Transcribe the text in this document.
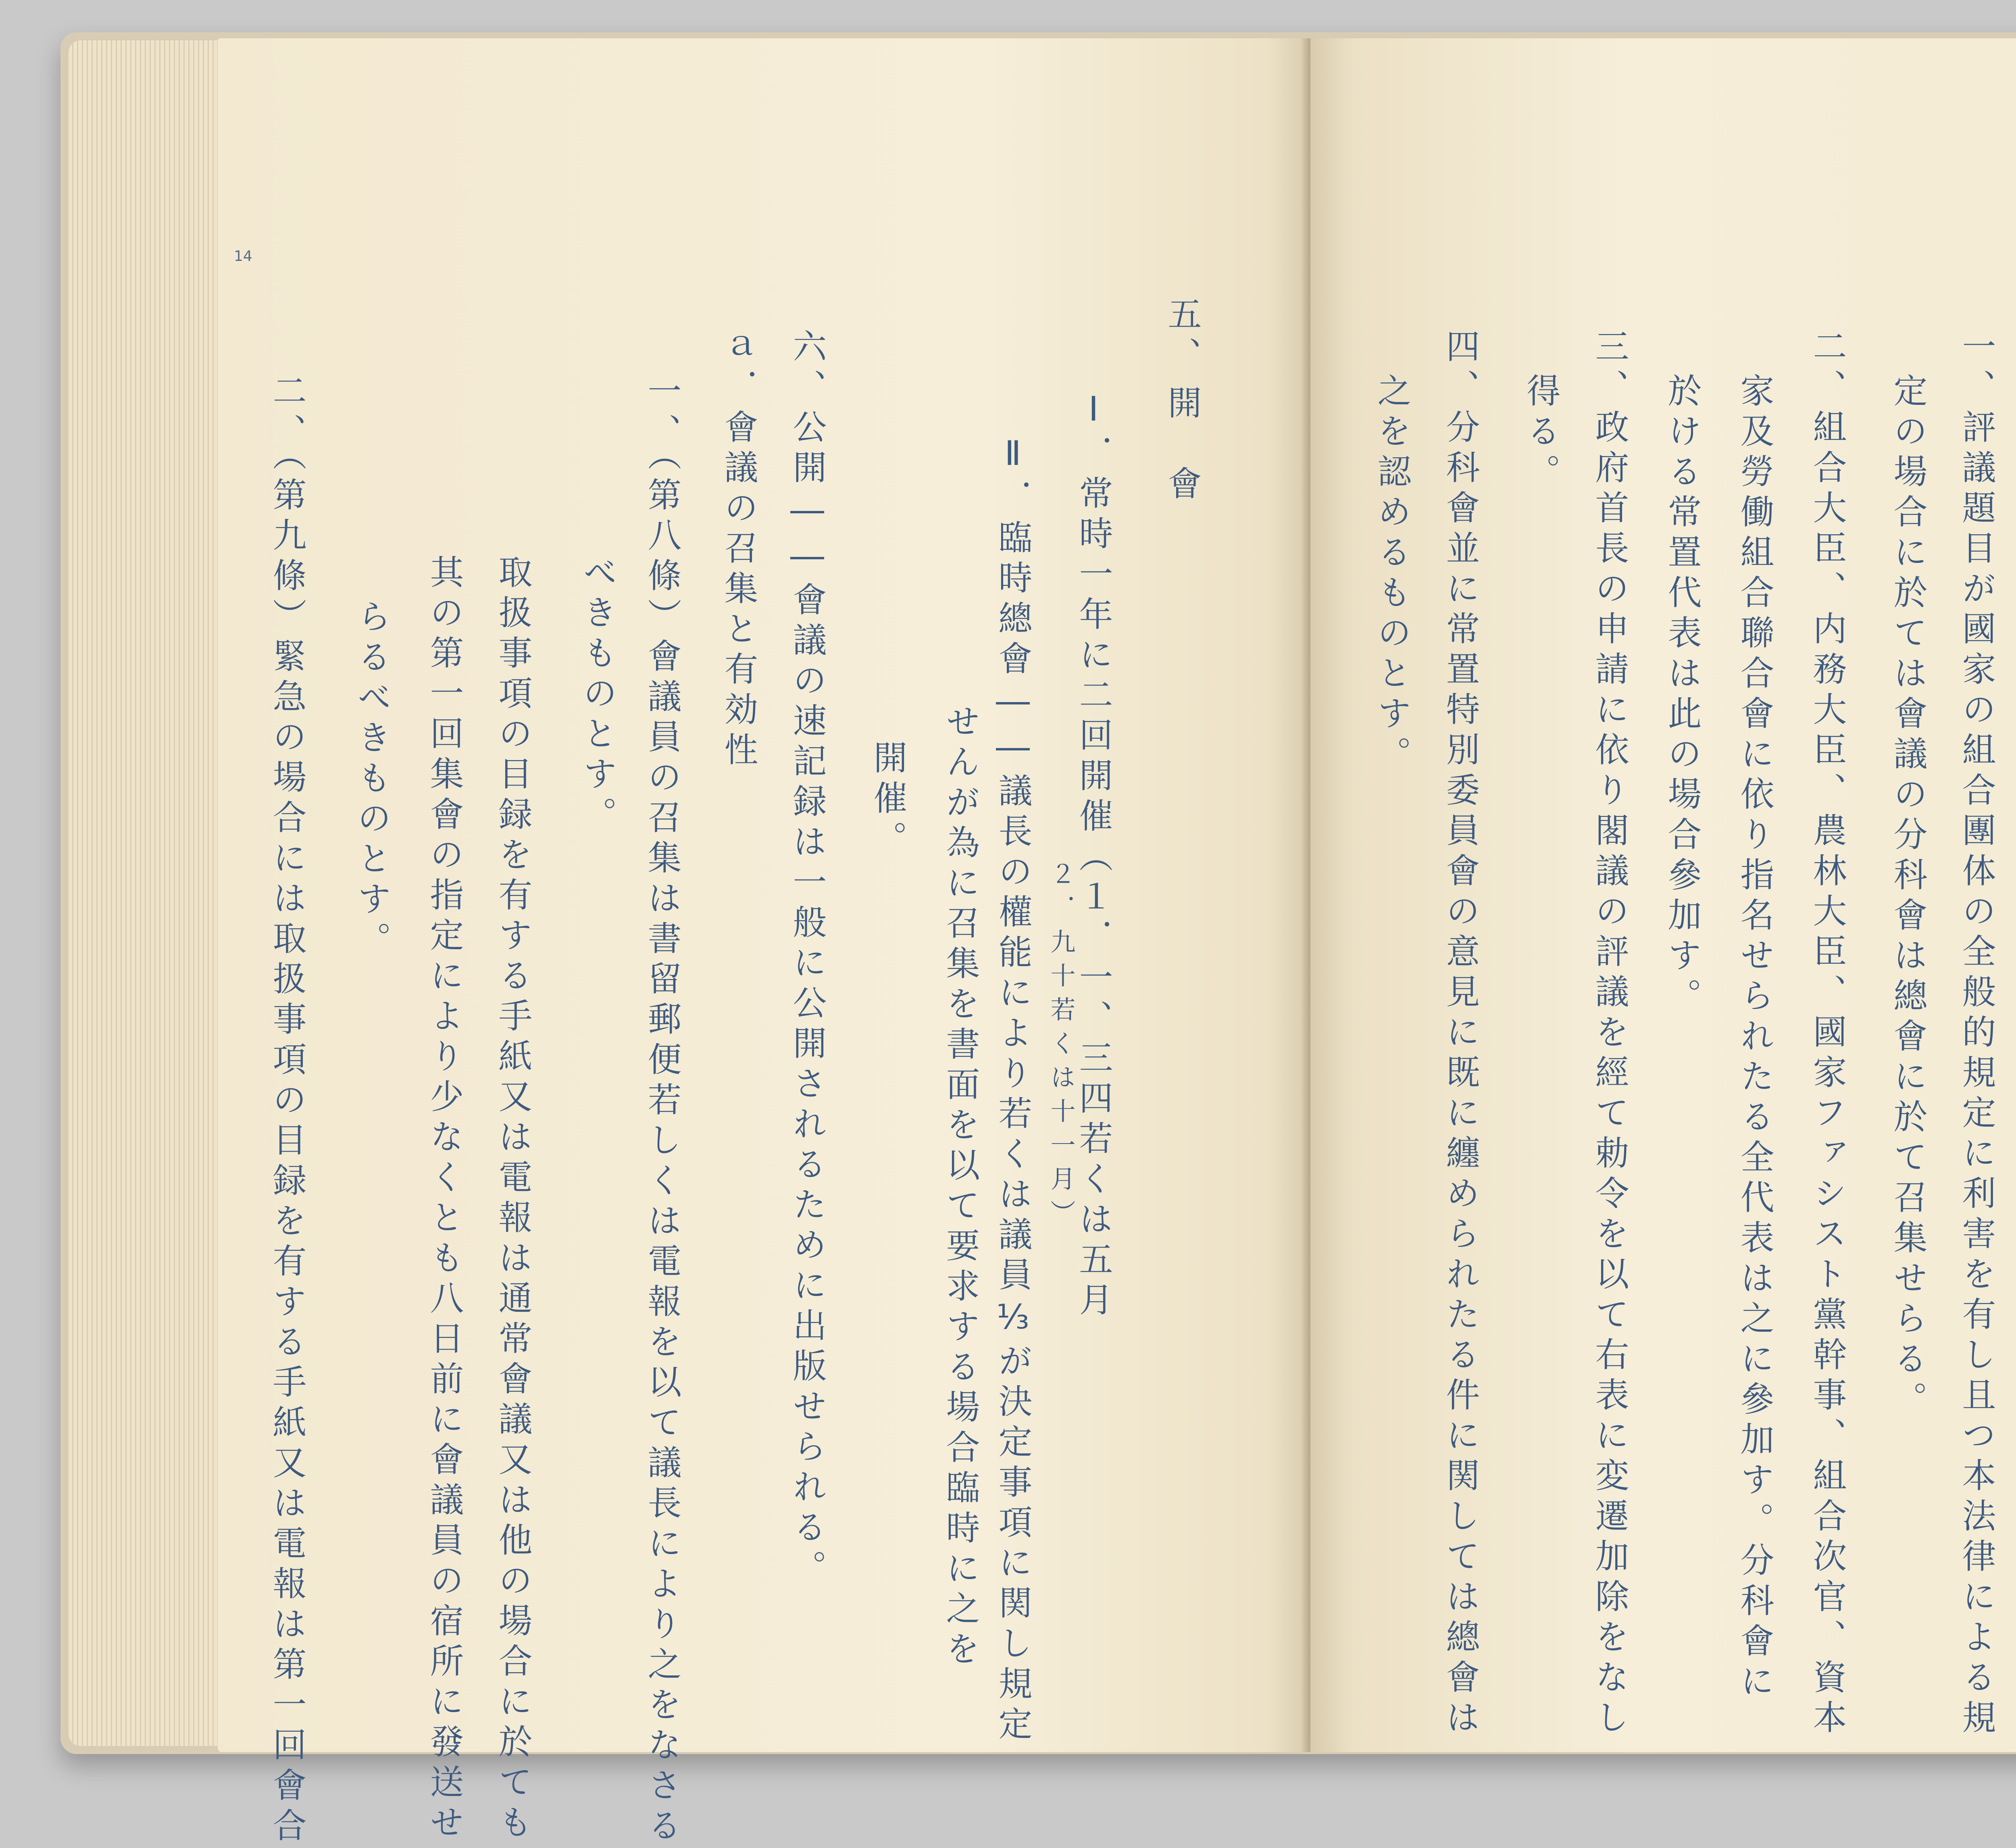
14
五、
開　會
Ⅰ．常時一年に二回開催（１．一、三四若くは五月
２．九十若くは十一月）
Ⅱ．臨時總會――議長の權能により若くは議員⅓が決定事項に関し規定
せんが為に召集を書面を以て要求する場合臨時に之を
開催。
六、公開――會議の速記録は一般に公開されるために出版せられる。
ａ．會議の召集と有効性
一、（第八條）會議員の召集は書留郵便若しくは電報を以て議長により之をなさる
べきものとす。
取扱事項の目録を有する手紙又は電報は通常會議又は他の場合に於ても
其の第一回集會の指定により少なくとも八日前に會議員の宿所に發送せ
らるべきものとす。
二、（第九條）緊急の場合には取扱事項の目録を有する手紙又は電報は第一回會合	一、評議題目が國家の組合團体の全般的規定に利害を有し且つ本法律による規
定の場合に於ては會議の分科會は總會に於て召集せらる。
二、組合大臣、内務大臣、農林大臣、國家ファシスト黨幹事、組合次官、資本
家及勞働組合聯合會に依り指名せられたる全代表は之に參加す。分科會に
於ける常置代表は此の場合參加す。
三、政府首長の申請に依り閣議の評議を經て勅令を以て右表に変遷加除をなし
得る。
四、分科會並に常置特別委員會の意見に既に纏められたる件に関しては總會は
之を認めるものとす。
